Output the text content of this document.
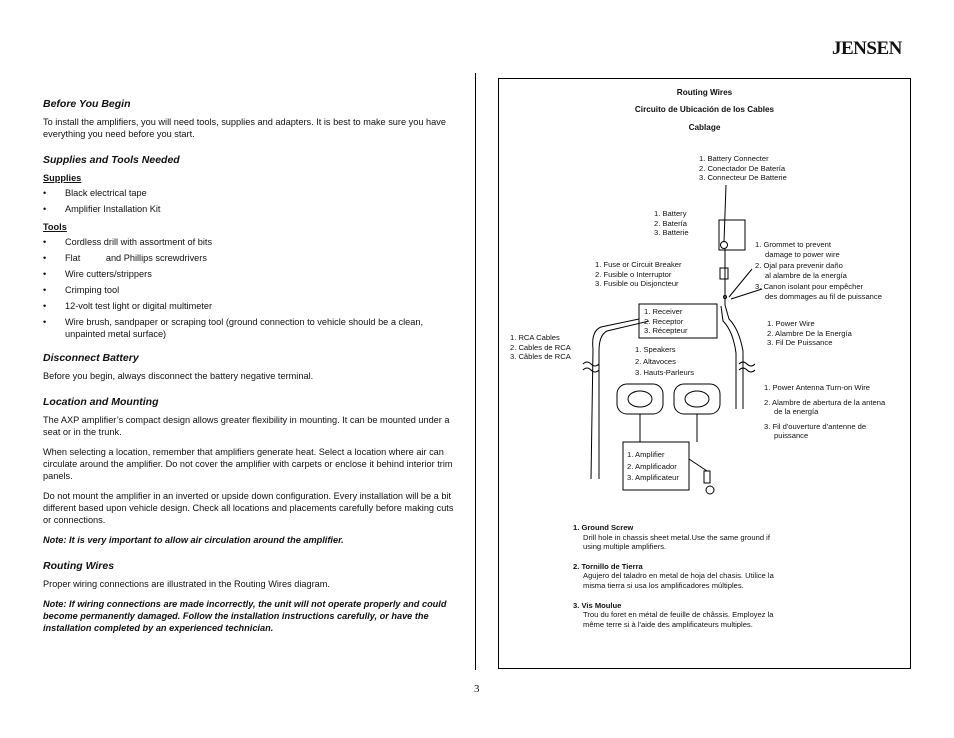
JENSEN
Before You Begin
To install the amplifiers, you will need tools, supplies and adapters. It is best to make sure you have everything you need before you start.
Supplies and Tools Needed
Supplies
• Black electrical tape
• Amplifier Installation Kit
Tools
• Cordless drill with assortment of bits
• Flat          and Phillips screwdrivers
• Wire cutters/strippers
• Crimping tool
• 12-volt test light or digital multimeter
• Wire brush, sandpaper or scraping tool (ground connection to vehicle should be a clean, unpainted metal surface)
Disconnect Battery
Before you begin, always disconnect the battery negative terminal.
Location and Mounting
The AXP amplifier’s compact design allows greater flexibility in mounting. It can be mounted under a seat or in the trunk.
When selecting a location, remember that amplifiers generate heat. Select a location where air can circulate around the amplifier. Do not cover the amplifier with carpets or enclose it behind interior trim panels.
Do not mount the amplifier in an inverted or upside down configuration. Every installation will be a bit different based upon vehicle design. Check all locations and placements carefully before making cuts or connections.
Note: It is very important to allow air circulation around the amplifier.
Routing Wires
Proper wiring connections are illustrated in the Routing Wires diagram.
Note: If wiring connections are made incorrectly, the unit will not operate properly and could become permanently damaged. Follow the installation instructions carefully, or have the installation completed by an experienced technician.
Routing Wires
Circuito de Ubicación de los Cables
Cablage
1. Battery Connecter
2. Conectador De Batería
3. Connecteur De Batterie
1. Battery
2. Batería
3. Batterie
1. Grommet to prevent
damage to power wire
2. Ojal para prevenir daño
al alambre de la energía
3. Canon isolant pour empêcher
des dommages au fil de puissance
1. Fuse or Circuit Breaker
2. Fusible o Interruptor
3. Fusible ou Disjoncteur
1. Receiver
2. Receptor
3. Récepteur
1. RCA Cables
2. Cables de RCA
3. Câbles de RCA
1. Power Wire
2. Alambre De la Energía
3. Fil De Puissance
1. Speakers
2. Altavoces
3. Hauts-Parleurs
1. Power Antenna Turn-on Wire
2. Alambre de abertura de la antena
de la energía
3. Fil d'ouverture d'antenne de
puissance
1. Amplifier
2. Amplificador
3. Amplificateur
1. Ground Screw
Drill hole in chassis sheet metal.Use the same ground if
using multiple amplifiers.
2. Tornillo de Tierra
Agujero del taladro en metal de hoja del chasis. Utilice la
misma tierra si usa los amplificadores múltiples.
3. Vis Moulue
Trou du foret en métal de feuille de châssis. Employez la
même terre si à l'aide des amplificateurs multiples.
3
